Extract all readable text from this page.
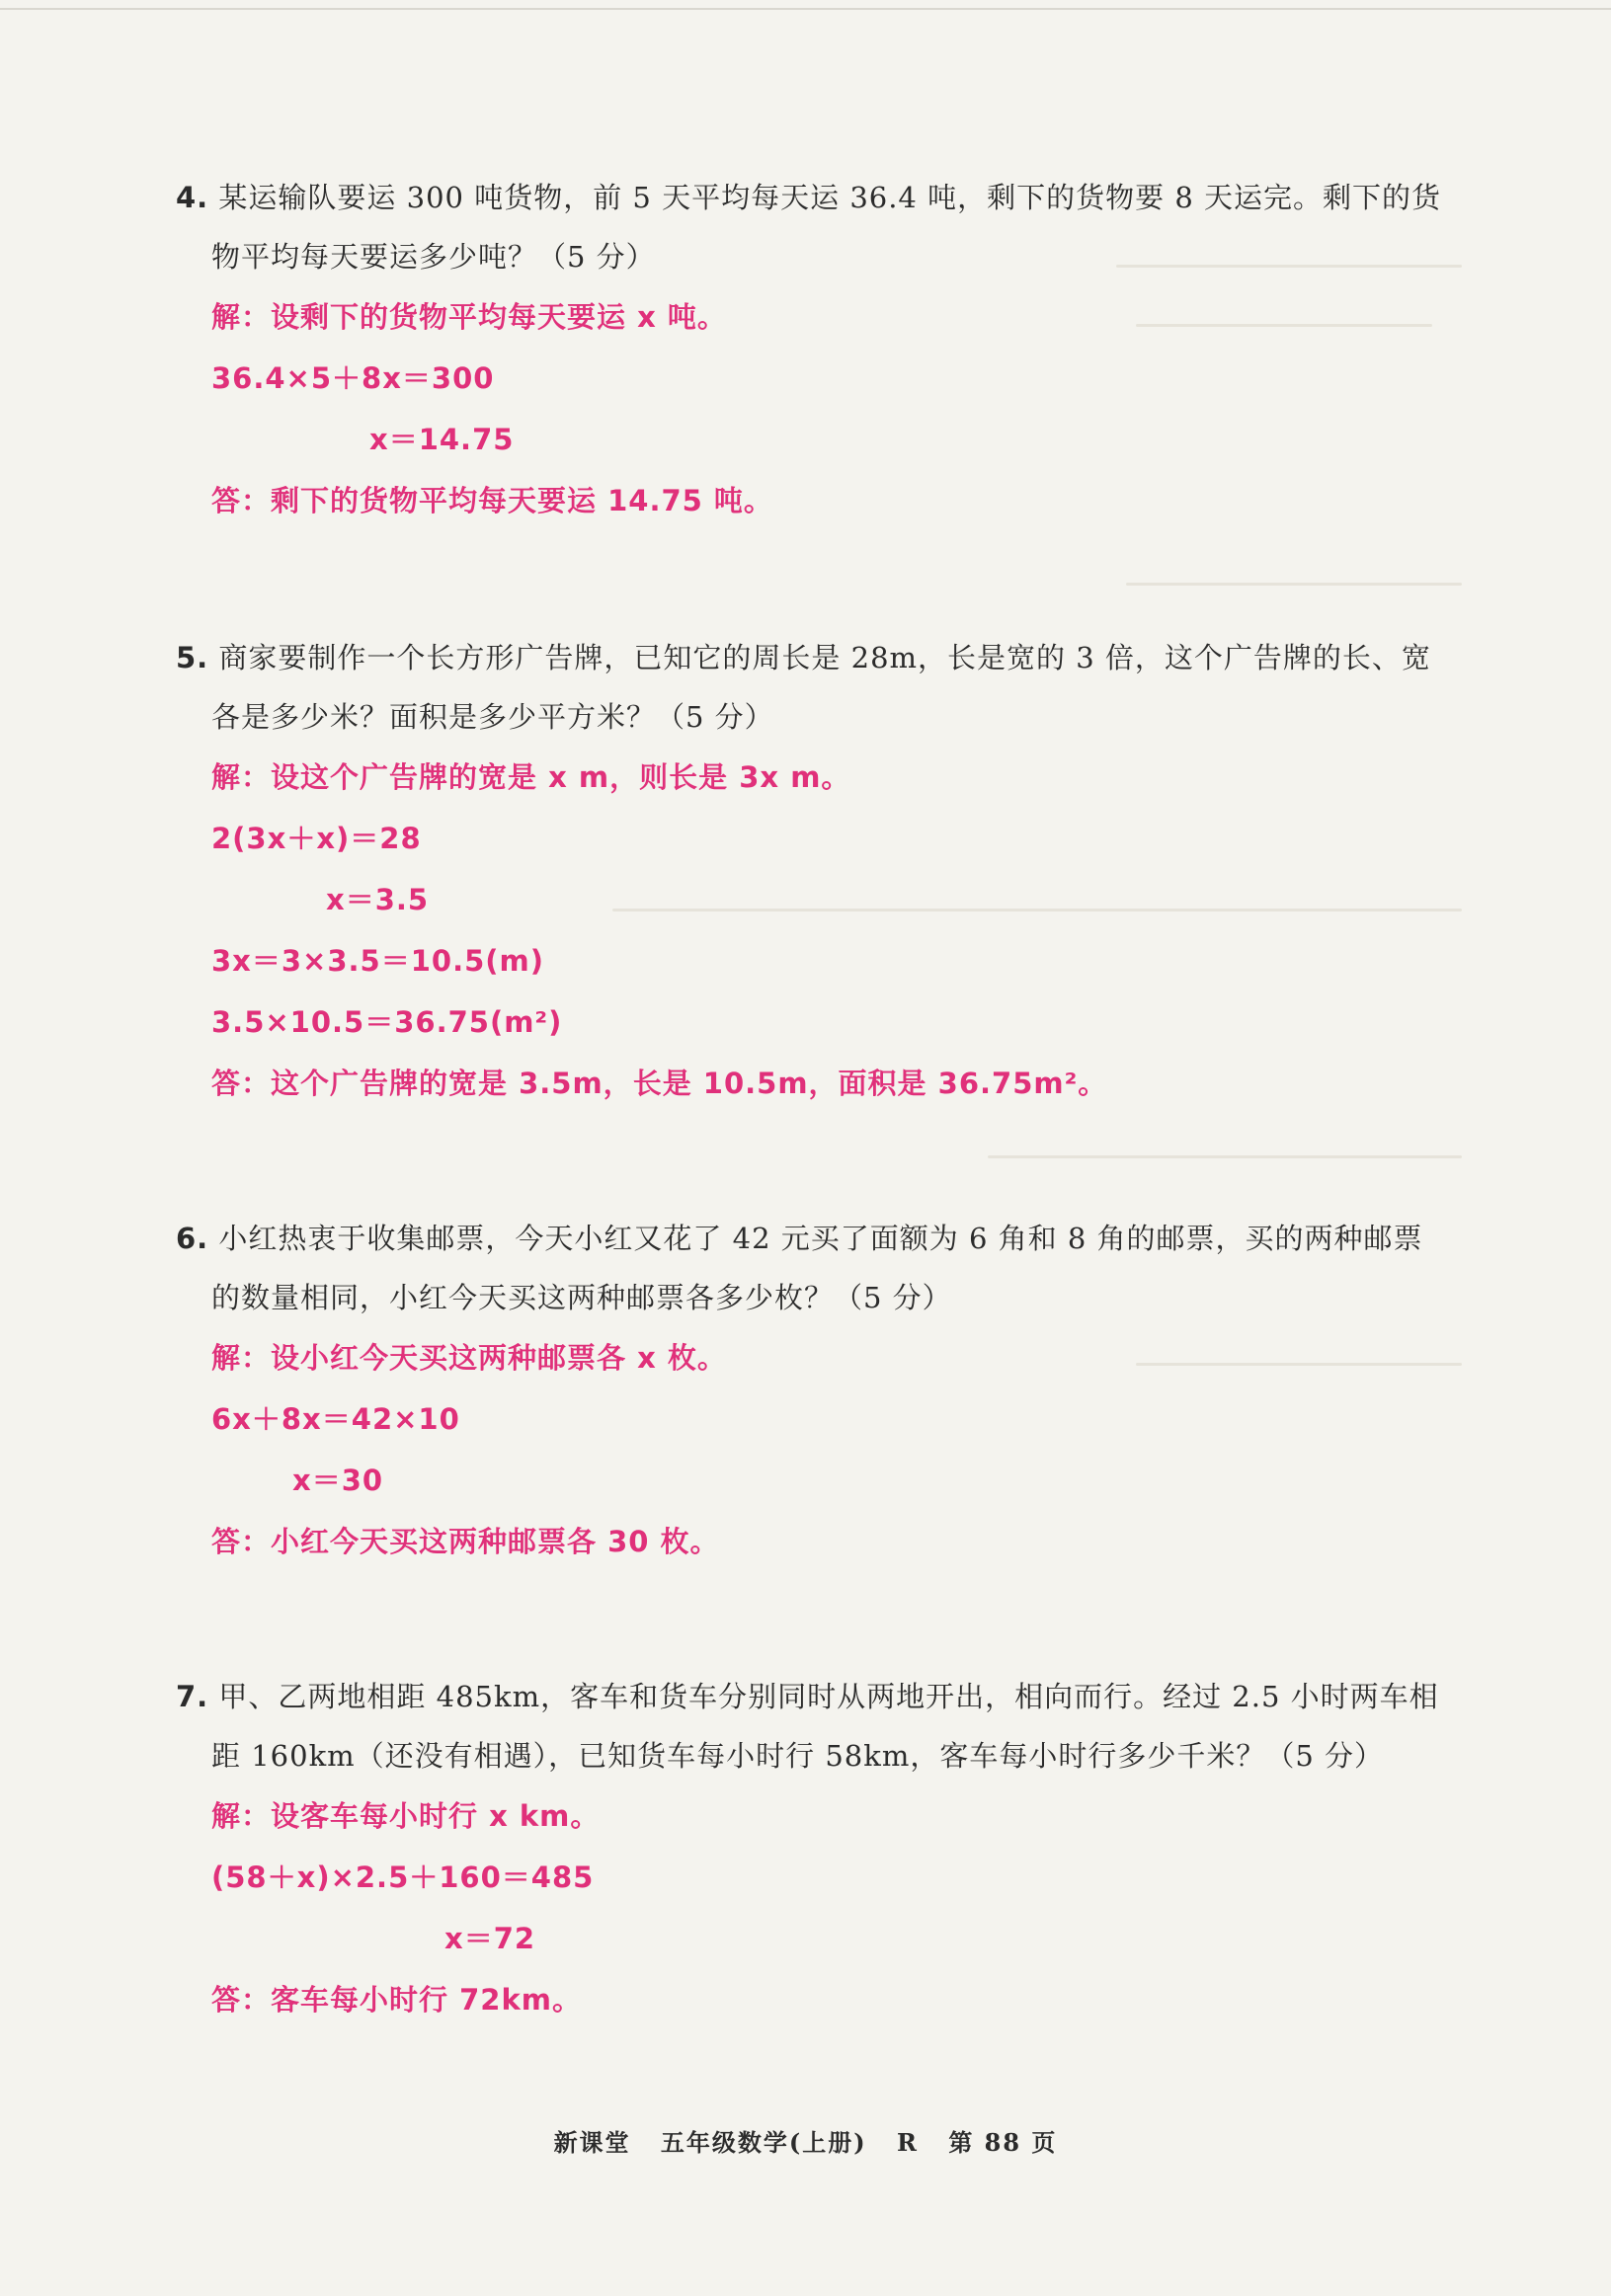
4. 某运输队要运 300 吨货物，前 5 天平均每天运 36.4 吨，剩下的货物要 8 天运完。剩下的货
物平均每天要运多少吨？（5 分）
解：设剩下的货物平均每天要运 x 吨。
36.4×5＋8x＝300
x＝14.75
答：剩下的货物平均每天要运 14.75 吨。
5. 商家要制作一个长方形广告牌，已知它的周长是 28m，长是宽的 3 倍，这个广告牌的长、宽
各是多少米？面积是多少平方米？（5 分）
解：设这个广告牌的宽是 x m，则长是 3x m。
2(3x＋x)＝28
x＝3.5
3x＝3×3.5＝10.5(m)
3.5×10.5＝36.75(m²)
答：这个广告牌的宽是 3.5m，长是 10.5m，面积是 36.75m²。
6. 小红热衷于收集邮票，今天小红又花了 42 元买了面额为 6 角和 8 角的邮票，买的两种邮票
的数量相同，小红今天买这两种邮票各多少枚？（5 分）
解：设小红今天买这两种邮票各 x 枚。
6x＋8x＝42×10
x＝30
答：小红今天买这两种邮票各 30 枚。
7. 甲、乙两地相距 485km，客车和货车分别同时从两地开出，相向而行。经过 2.5 小时两车相
距 160km（还没有相遇），已知货车每小时行 58km，客车每小时行多少千米？（5 分）
解：设客车每小时行 x km。
(58＋x)×2.5＋160＝485
x＝72
答：客车每小时行 72km。
新课堂 五年级数学(上册) R 第 88 页
